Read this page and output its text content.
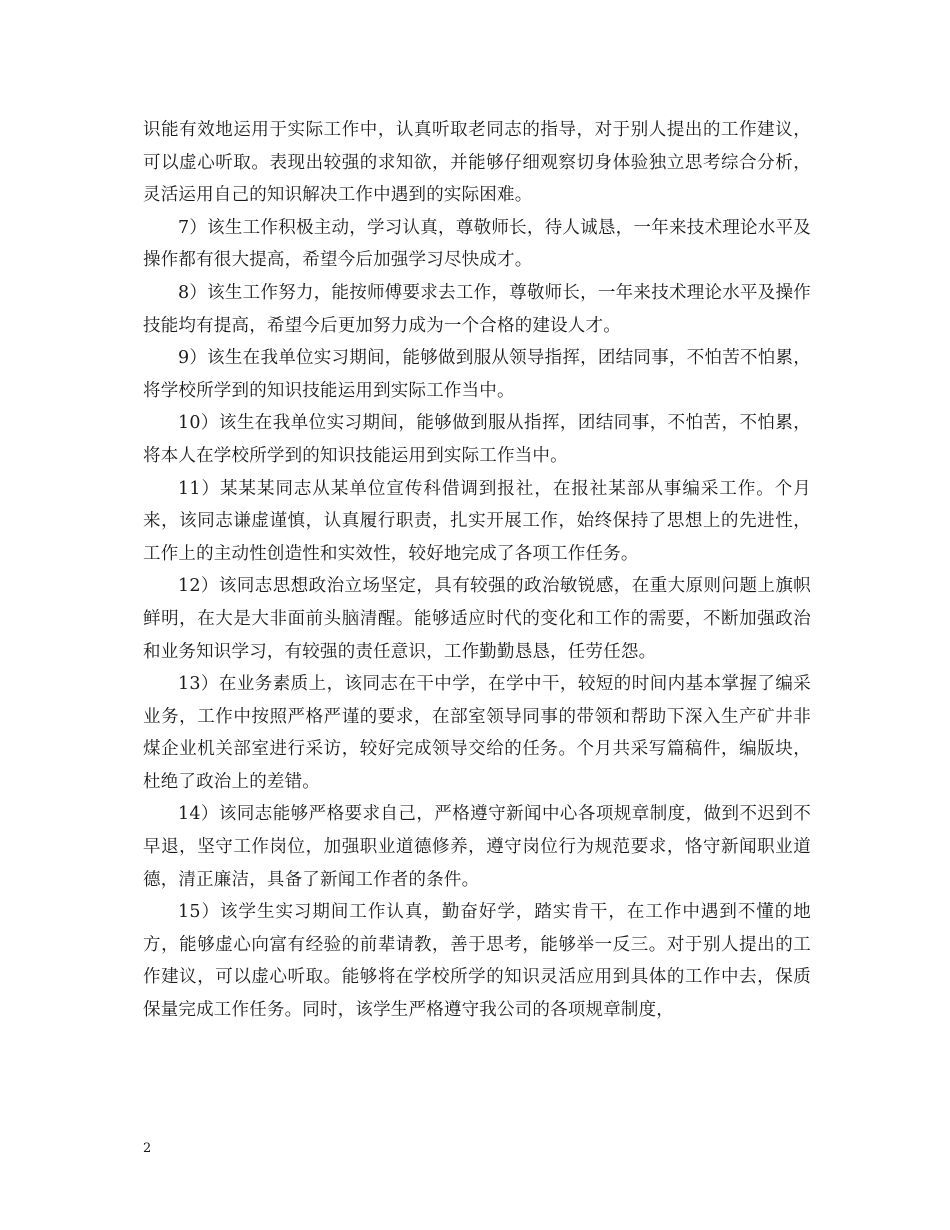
识能有效地运用于实际工作中，认真听取老同志的指导，对于别人提出的工作建议，可以虚心听取。表现出较强的求知欲，并能够仔细观察切身体验独立思考综合分析，灵活运用自己的知识解决工作中遇到的实际困难。

7）该生工作积极主动，学习认真，尊敬师长，待人诚恳，一年来技术理论水平及操作都有很大提高，希望今后加强学习尽快成才。

8）该生工作努力，能按师傅要求去工作，尊敬师长，一年来技术理论水平及操作技能均有提高，希望今后更加努力成为一个合格的建设人才。

9）该生在我单位实习期间，能够做到服从领导指挥，团结同事，不怕苦不怕累，将学校所学到的知识技能运用到实际工作当中。

10）该生在我单位实习期间，能够做到服从指挥，团结同事，不怕苦，不怕累，将本人在学校所学到的知识技能运用到实际工作当中。

11）某某某同志从某单位宣传科借调到报社，在报社某部从事编采工作。个月来，该同志谦虚谨慎，认真履行职责，扎实开展工作，始终保持了思想上的先进性，工作上的主动性创造性和实效性，较好地完成了各项工作任务。

12）该同志思想政治立场坚定，具有较强的政治敏锐感，在重大原则问题上旗帜鲜明，在大是大非面前头脑清醒。能够适应时代的变化和工作的需要，不断加强政治和业务知识学习，有较强的责任意识，工作勤勤恳恳，任劳任怨。

13）在业务素质上，该同志在干中学，在学中干，较短的时间内基本掌握了编采业务，工作中按照严格严谨的要求，在部室领导同事的带领和帮助下深入生产矿井非煤企业机关部室进行采访，较好完成领导交给的任务。个月共采写篇稿件，编版块，杜绝了政治上的差错。

14）该同志能够严格要求自己，严格遵守新闻中心各项规章制度，做到不迟到不早退，坚守工作岗位，加强职业道德修养，遵守岗位行为规范要求，恪守新闻职业道德，清正廉洁，具备了新闻工作者的条件。

15）该学生实习期间工作认真，勤奋好学，踏实肯干，在工作中遇到不懂的地方，能够虚心向富有经验的前辈请教，善于思考，能够举一反三。对于别人提出的工作建议，可以虚心听取。能够将在学校所学的知识灵活应用到具体的工作中去，保质保量完成工作任务。同时，该学生严格遵守我公司的各项规章制度，

2
